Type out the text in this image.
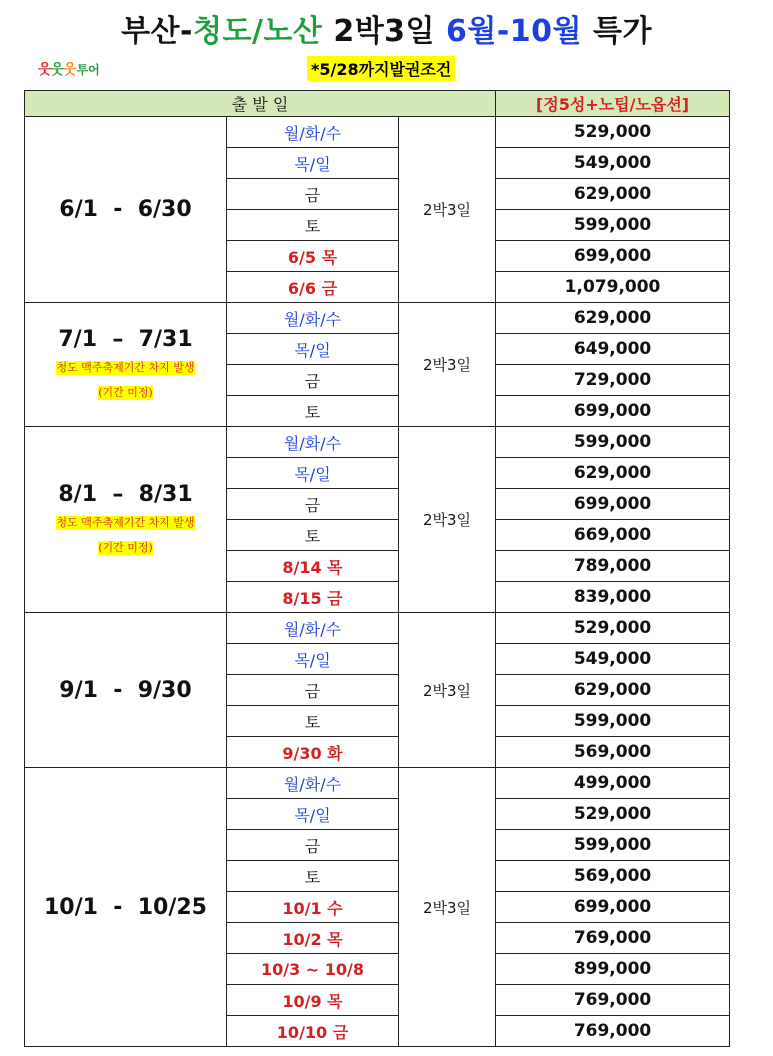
부산-청도/노산 2박3일 6월-10월 특가
웃 웃 웃 투어	*5/28까지발권조건
출 발 일			[정5성+노팁/노옵션]

6/1  -  6/30	월/화/수	2박3일	529,000
	목/일		549,000
	금		629,000
	토		599,000
	6/5 목		699,000
	6/6 금		1,079,000

7/1  –  7/31
청도 맥주축제기간 차지 발생
(기간 미정)	월/화/수	2박3일	629,000
	목/일		649,000
	금		729,000
	토		699,000

8/1  –  8/31
청도 맥주축제기간 차지 발생
(기간 미정)	월/화/수	2박3일	599,000
	목/일		629,000
	금		699,000
	토		669,000
	8/14 목		789,000
	8/15 금		839,000

9/1  -  9/30	월/화/수	2박3일	529,000
	목/일		549,000
	금		629,000
	토		599,000
	9/30 화		569,000

10/1  -  10/25	월/화/수	2박3일	499,000
	목/일		529,000
	금		599,000
	토		569,000
	10/1 수		699,000
	10/2 목		769,000
	10/3 ~ 10/8		899,000
	10/9 목		769,000
	10/10 금		769,000
